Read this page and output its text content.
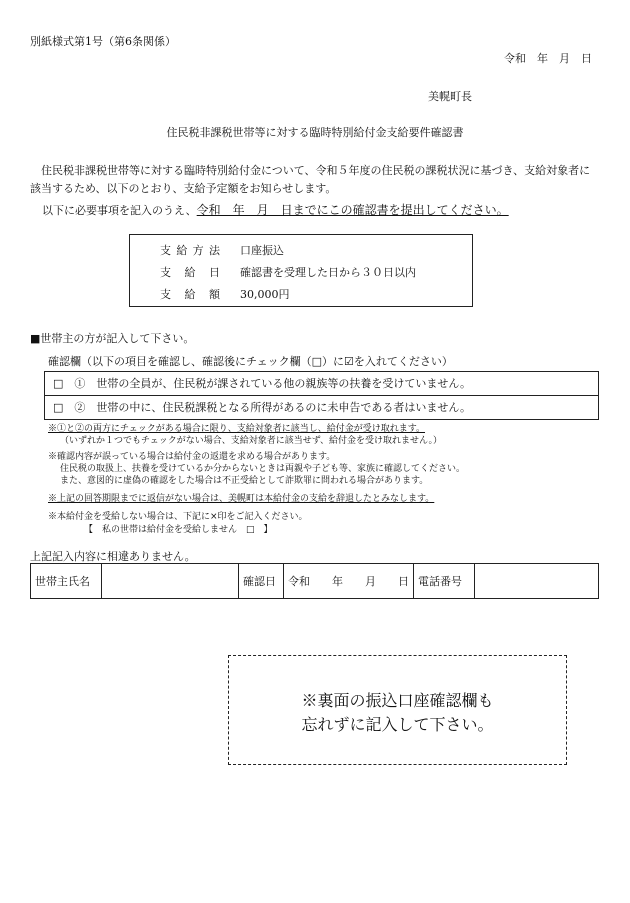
別紙様式第1号（第6条関係）
令和　年　月　日
美幌町長
住民税非課税世帯等に対する臨時特別給付金支給要件確認書
住民税非課税世帯等に対する臨時特別給付金について、令和５年度の住民税の課税状況に基づき、支給対象者に該当するため、以下のとおり、支給予定額をお知らせします。
以下に必要事項を記入のうえ、令和　年　月　日までにこの確認書を提出してください。
支給方法 口座振込
支給日 確認書を受理した日から３０日以内
支給額 30,000円
■世帯主の方が記入して下さい。
確認欄（以下の項目を確認し、確認後にチェック欄（□）に☑を入れてください）
□　①　世帯の全員が、住民税が課されている他の親族等の扶養を受けていません。
□　②　世帯の中に、住民税課税となる所得があるのに未申告である者はいません。
※①と②の両方にチェックがある場合に限り、支給対象者に該当し、給付金が受け取れます。
（いずれか１つでもチェックがない場合、支給対象者に該当せず、給付金を受け取れません。）
※確認内容が誤っている場合は給付金の返還を求める場合があります。
住民税の取扱上、扶養を受けているか分からないときは両親や子ども等、家族に確認してください。
また、意図的に虚偽の確認をした場合は不正受給として詐欺罪に問われる場合があります。
※上記の回答期限までに返信がない場合は、美幌町は本給付金の支給を辞退したとみなします。
※本給付金を受給しない場合は、下記に×印をご記入ください。
【　私の世帯は給付金を受給しません　□　】
上記記入内容に相違ありません。
世帯主氏名		確認日	令和　　年　　月　　日	電話番号	
※裏面の振込口座確認欄も
忘れずに記入して下さい。
